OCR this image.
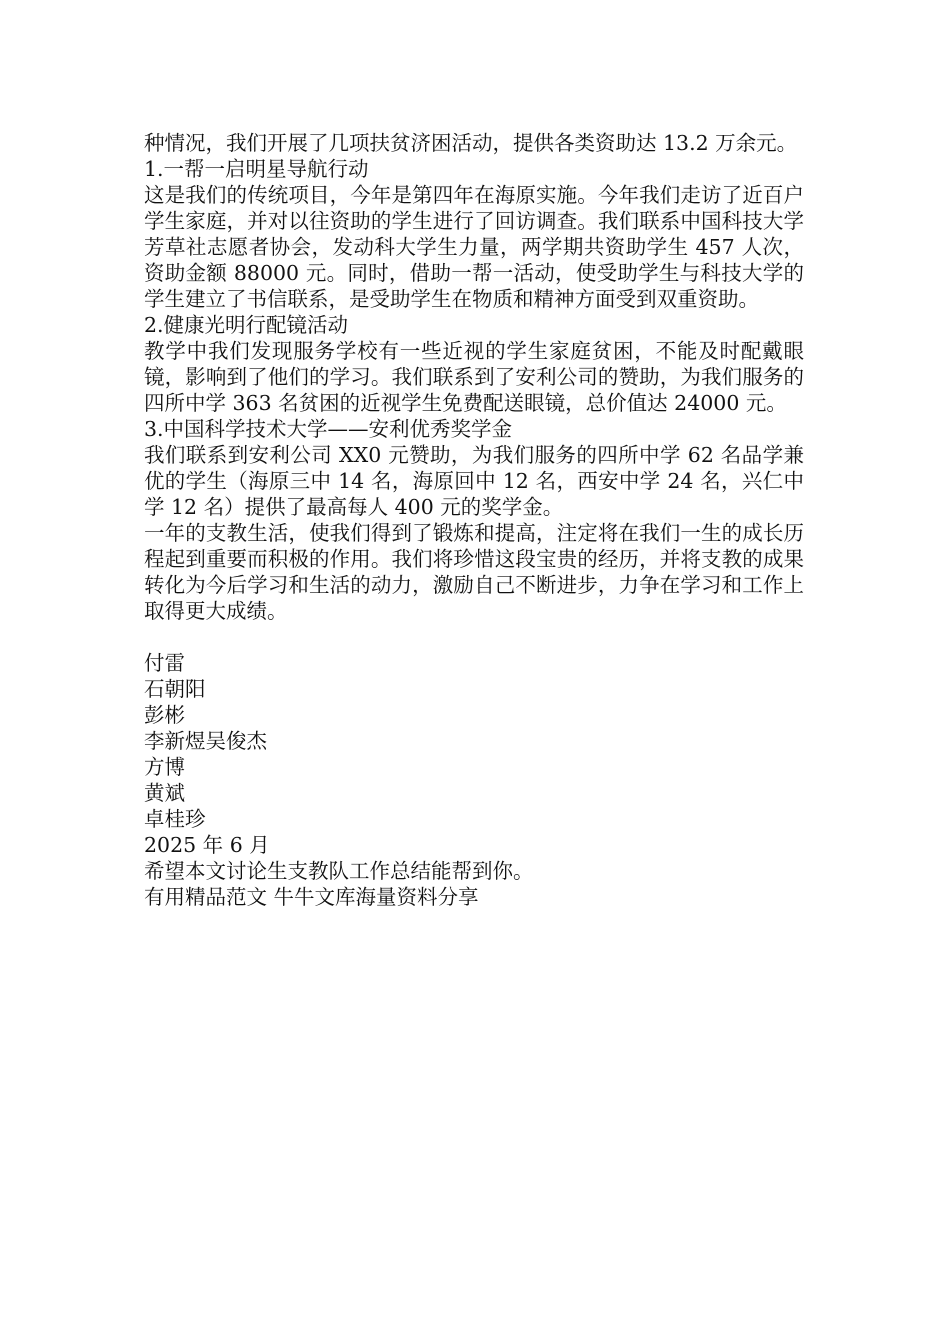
种情况，我们开展了几项扶贫济困活动，提供各类资助达 13.2 万余元。

1.一帮一启明星导航行动

这是我们的传统项目，今年是第四年在海原实施。今年我们走访了近百户学生家庭，并对以往资助的学生进行了回访调查。我们联系中国科技大学芳草社志愿者协会，发动科大学生力量，两学期共资助学生 457 人次，资助金额 88000 元。同时，借助一帮一活动，使受助学生与科技大学的学生建立了书信联系，是受助学生在物质和精神方面受到双重资助。

2.健康光明行配镜活动

教学中我们发现服务学校有一些近视的学生家庭贫困，不能及时配戴眼镜，影响到了他们的学习。我们联系到了安利公司的赞助，为我们服务的四所中学 363 名贫困的近视学生免费配送眼镜，总价值达 24000 元。

3.中国科学技术大学——安利优秀奖学金

我们联系到安利公司 XX0 元赞助，为我们服务的四所中学 62 名品学兼优的学生（海原三中 14 名，海原回中 12 名，西安中学 24 名，兴仁中学 12 名）提供了最高每人 400 元的奖学金。

一年的支教生活，使我们得到了锻炼和提高，注定将在我们一生的成长历程起到重要而积极的作用。我们将珍惜这段宝贵的经历，并将支教的成果转化为今后学习和生活的动力，激励自己不断进步，力争在学习和工作上取得更大成绩。

付雷

石朝阳

彭彬

李新煜吴俊杰

方博

黄斌

卓桂珍

2025 年 6 月

希望本文讨论生支教队工作总结能帮到你。

有用精品范文 牛牛文库海量资料分享
